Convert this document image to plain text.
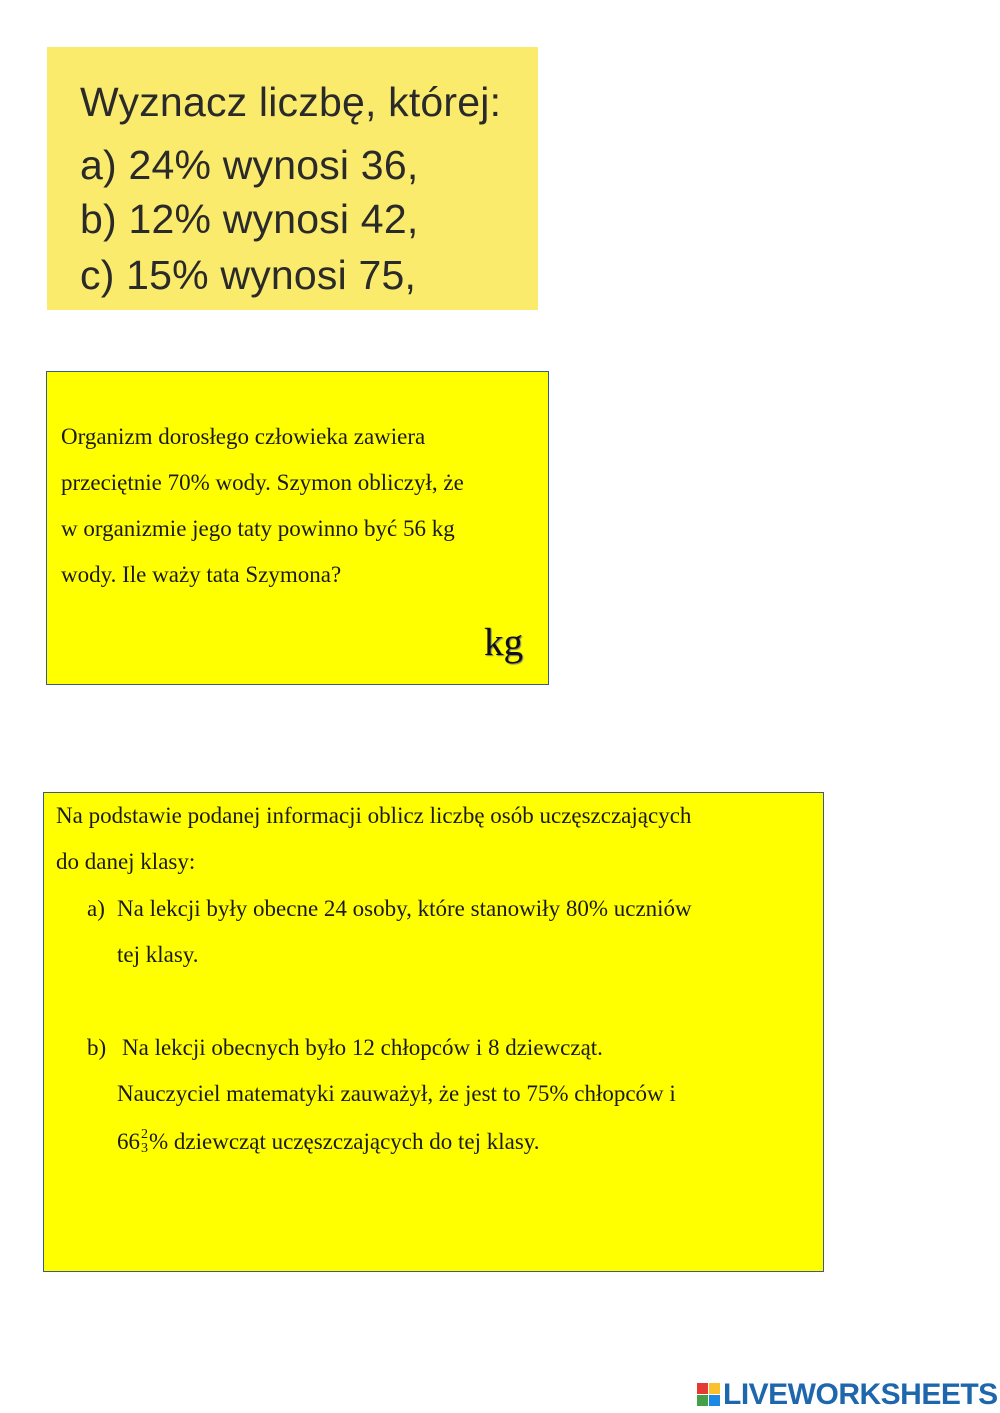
Wyznacz liczbę, której:
a) 24% wynosi 36,
b) 12% wynosi 42,
c) 15% wynosi 75,
Organizm dorosłego człowieka zawiera
przeciętnie 70% wody. Szymon obliczył, że
w organizmie jego taty powinno być 56 kg
wody. Ile waży tata Szymona?
kg
Na podstawie podanej informacji oblicz liczbę osób uczęszczających
do danej klasy:
a) Na lekcji były obecne 24 osoby, które stanowiły 80% uczniów
tej klasy.
b) Na lekcji obecnych było 12 chłopców i 8 dziewcząt.
Nauczyciel matematyki zauważył, że jest to 75% chłopców i
66 2
3 % dziewcząt uczęszczających do tej klasy.
LIVEWORKSHEETS
